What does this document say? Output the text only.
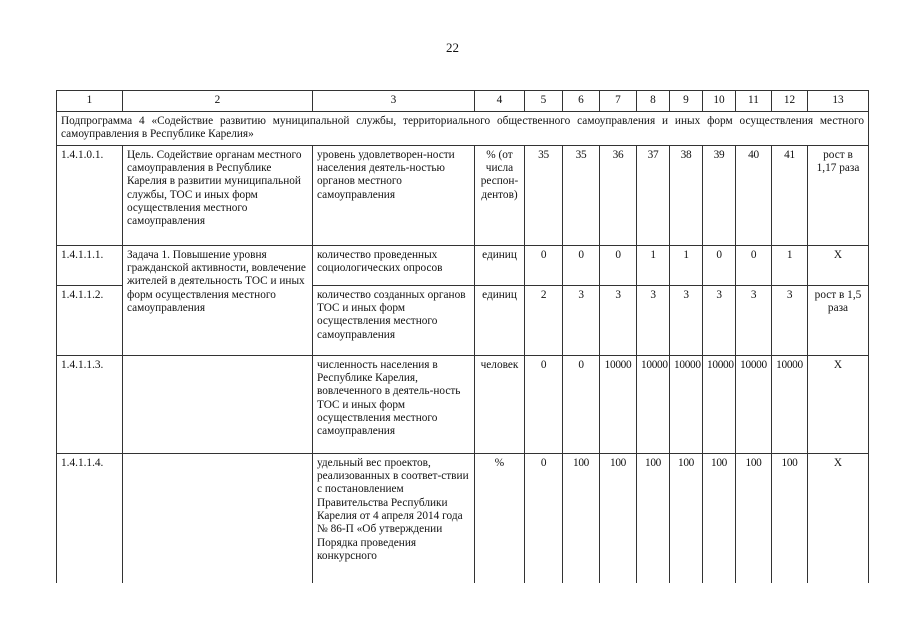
22
1	2	3	4	5	6	7	8	9	10	11	12	13
Подпрограмма 4 «Содействие развитию муниципальной службы, территориального общественного самоуправления и иных форм осуществления местного самоуправления в Республике Карелия»												
1.4.1.0.1.	Цель. Содействие органам местного самоуправления в Республике Карелия в развитии муниципальной службы, ТОС и иных форм осуществления местного самоуправления	уровень удовлетворен-ности населения деятель-ностью органов местного самоуправления	% (от числа респон-дентов)	35	35	36	37	38	39	40	41	рост в 1,17 раза
1.4.1.1.1.	Задача 1. Повышение уровня гражданской активности, вовлечение жителей в деятельность ТОС и иных форм осуществления местного самоуправления	количество проведенных социологических опросов	единиц	0	0	0	1	1	0	0	1	Х
1.4.1.1.2.		количество созданных органов ТОС и иных форм осуществления местного самоуправления	единиц	2	3	3	3	3	3	3	3	рост в 1,5 раза
1.4.1.1.3.		численность населения в Республике Карелия, вовлеченного в деятель-ность ТОС и иных форм осуществления местного самоуправления	человек	0	0	10000	10000	10000	10000	10000	10000	Х
1.4.1.1.4.		удельный вес проектов, реализованных в соответ-ствии с постановлением Правительства Республики Карелия от 4 апреля 2014 года № 86-П «Об утверждении Порядка проведения конкурсного	%	0	100	100	100	100	100	100	100	Х
